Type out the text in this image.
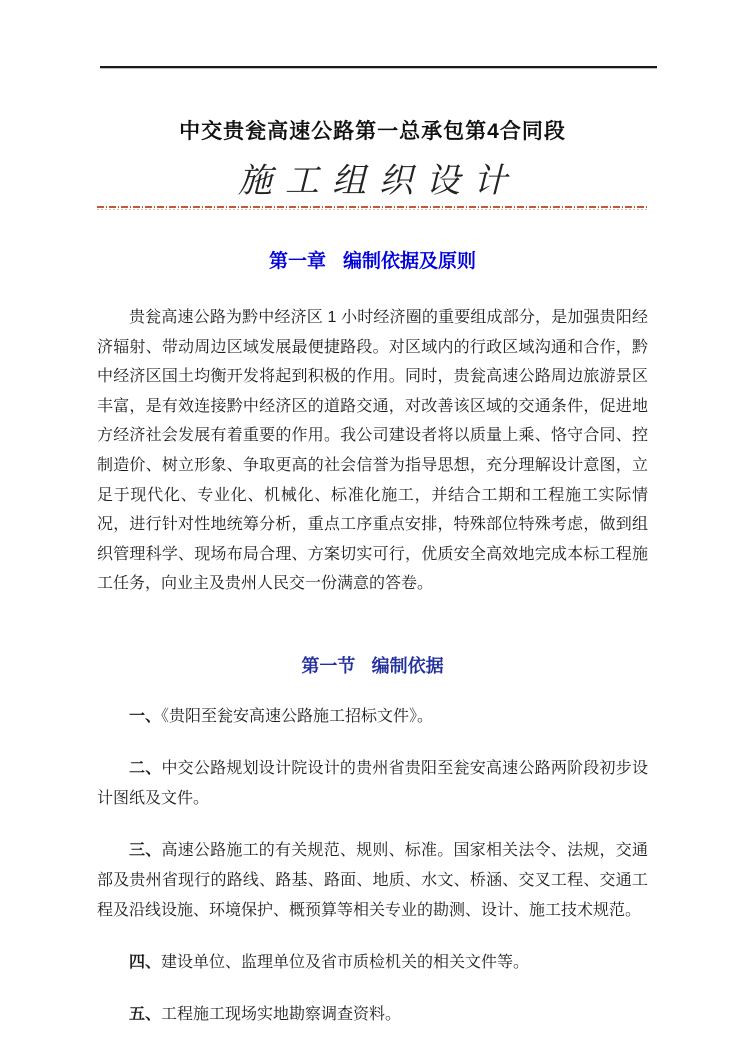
中交贵瓮高速公路第一总承包第4合同段
施工组织设计
第一章 编制依据及原则

贵瓮高速公路为黔中经济区 1 小时经济圈的重要组成部分，是加强贵阳经济辐射、带动周边区域发展最便捷路段。对区域内的行政区域沟通和合作，黔中经济区国土均衡开发将起到积极的作用。同时，贵瓮高速公路周边旅游景区丰富，是有效连接黔中经济区的道路交通，对改善该区域的交通条件，促进地方经济社会发展有着重要的作用。我公司建设者将以质量上乘、恪守合同、控制造价、树立形象、争取更高的社会信誉为指导思想，充分理解设计意图，立足于现代化、专业化、机械化、标准化施工，并结合工期和工程施工实际情况，进行针对性地统筹分析，重点工序重点安排，特殊部位特殊考虑，做到组织管理科学、现场布局合理、方案切实可行，优质安全高效地完成本标工程施工任务，向业主及贵州人民交一份满意的答卷。

第一节 编制依据

一、《贵阳至瓮安高速公路施工招标文件》。

二、中交公路规划设计院设计的贵州省贵阳至瓮安高速公路两阶段初步设计图纸及文件。

三、高速公路施工的有关规范、规则、标准。国家相关法令、法规，交通部及贵州省现行的路线、路基、路面、地质、水文、桥涵、交叉工程、交通工程及沿线设施、环境保护、概预算等相关专业的勘测、设计、施工技术规范。

四、建设单位、监理单位及省市质检机关的相关文件等。

五、工程施工现场实地勘察调查资料。
